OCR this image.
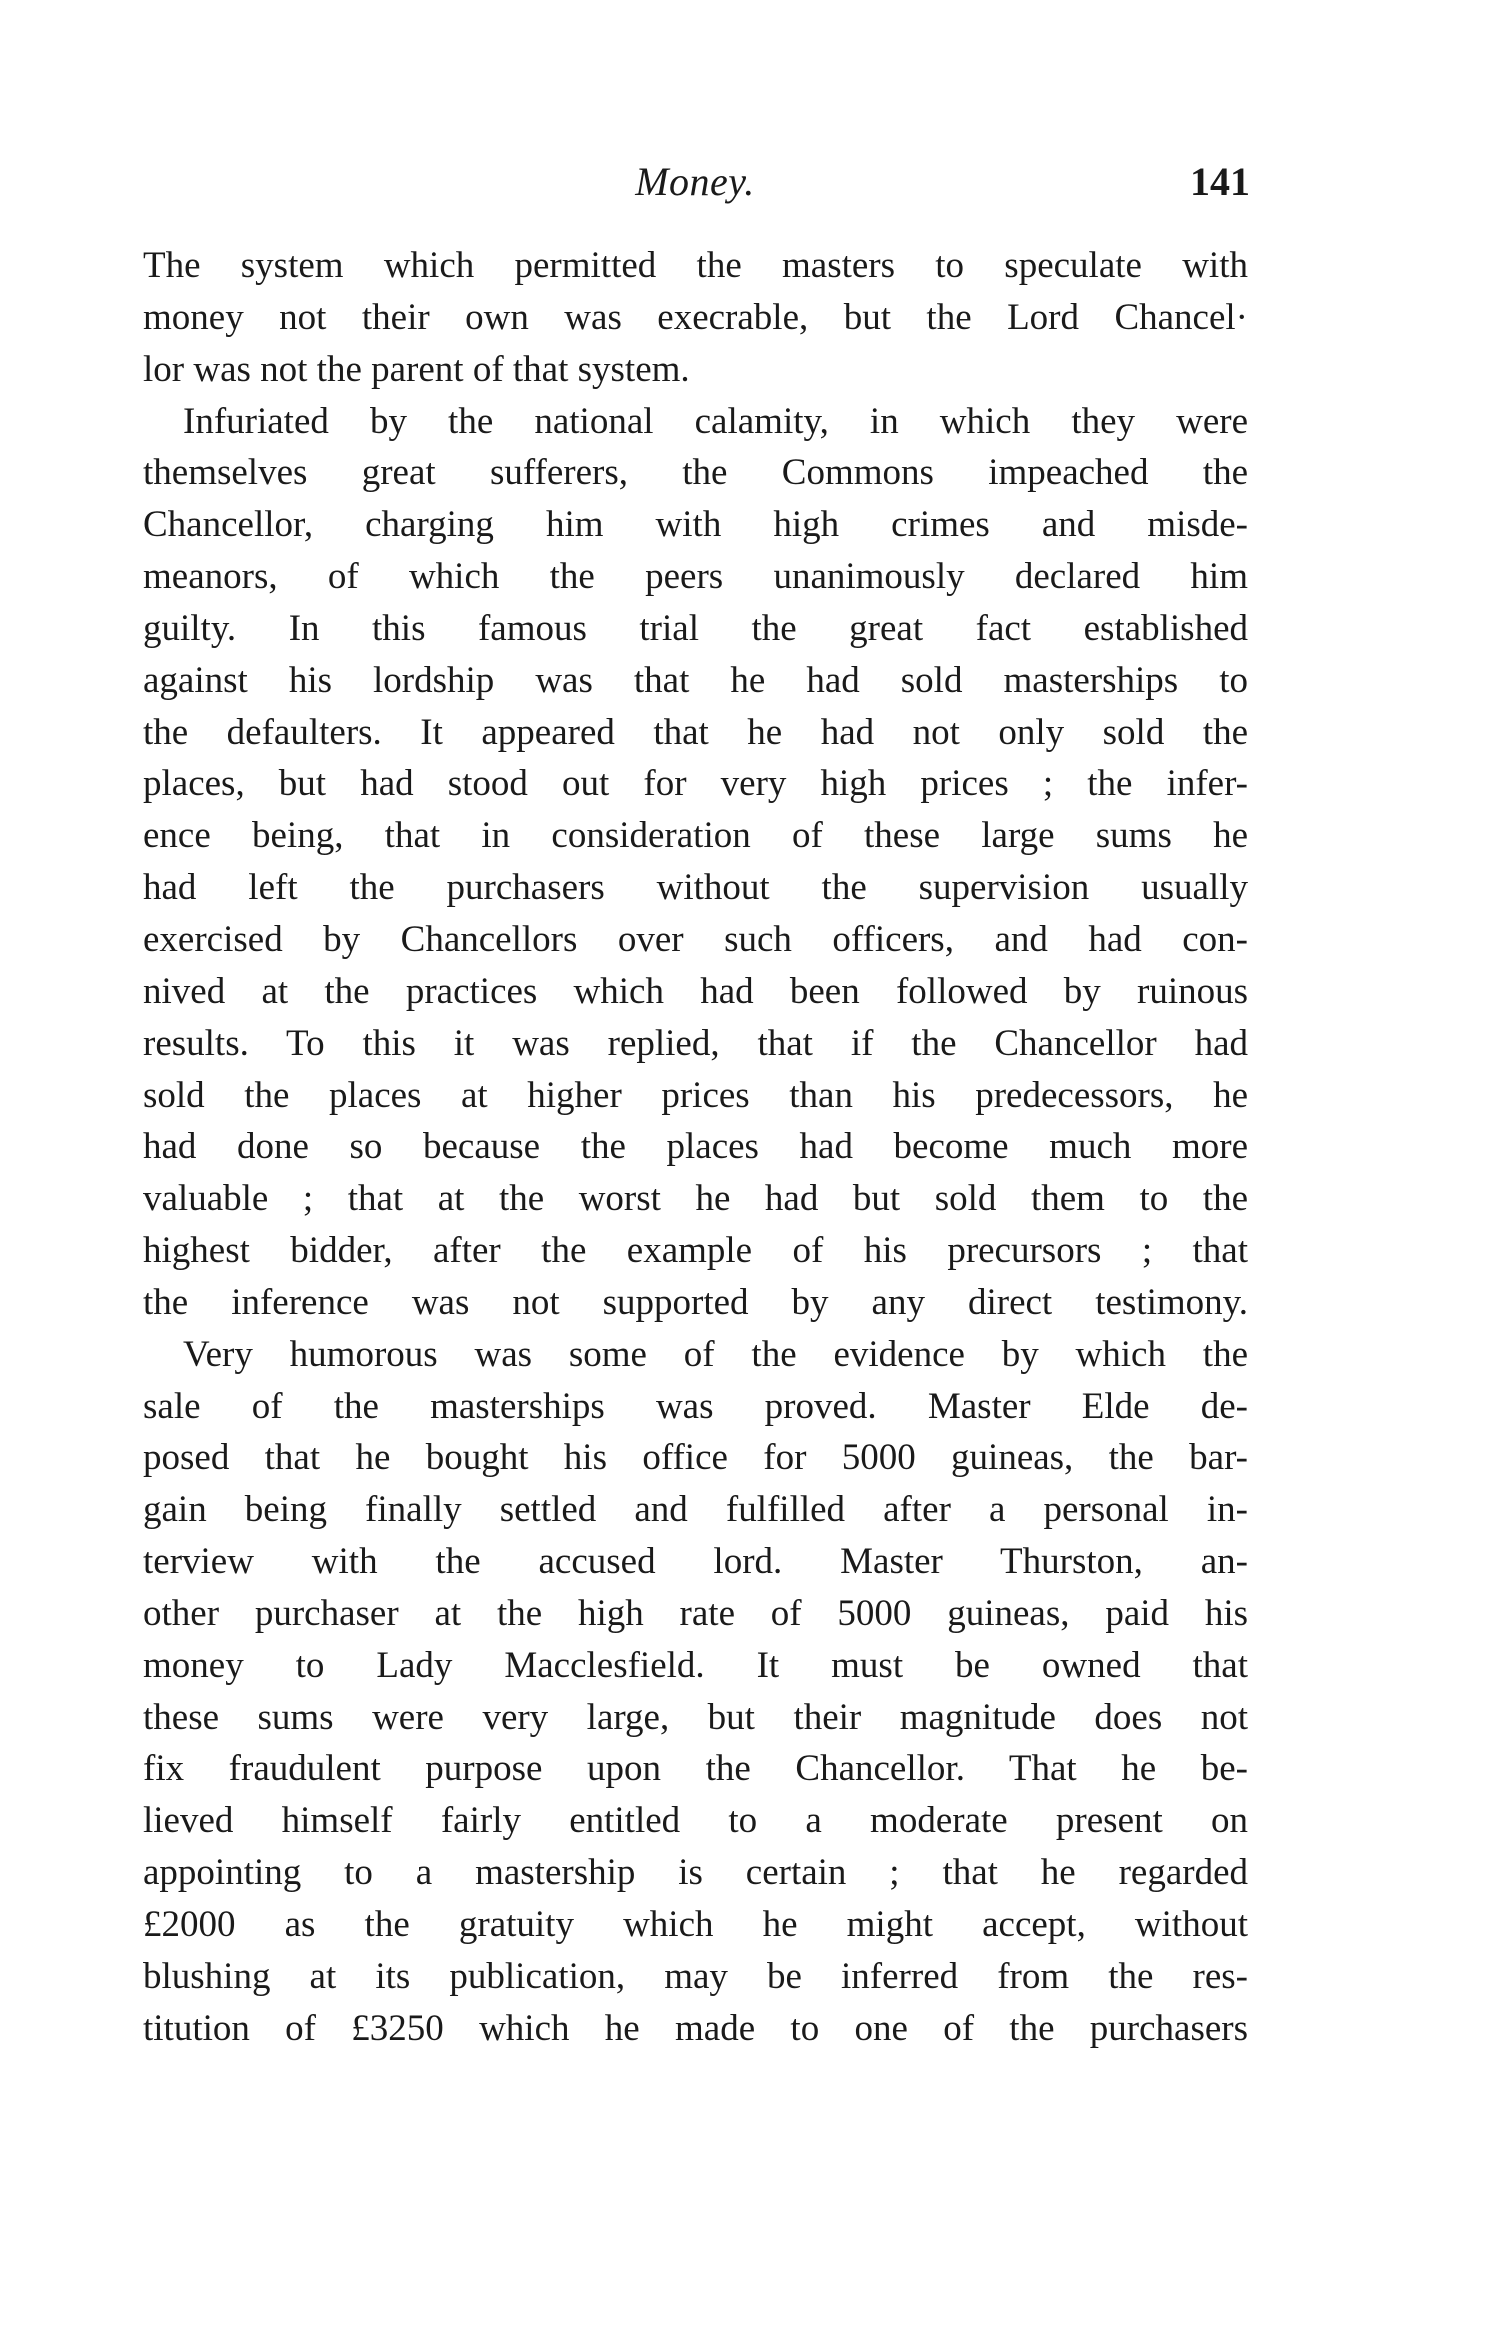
Money.	141
The system which permitted the masters to speculate with
money not their own was execrable, but the Lord Chancel·
lor was not the parent of that system.
Infuriated by the national calamity, in which they were
themselves great sufferers, the Commons impeached the
Chancellor, charging him with high crimes and misde-
meanors, of which the peers unanimously declared him
guilty. In this famous trial the great fact established
against his lordship was that he had sold masterships to
the defaulters. It appeared that he had not only sold the
places, but had stood out for very high prices ; the infer-
ence being, that in consideration of these large sums he
had left the purchasers without the supervision usually
exercised by Chancellors over such officers, and had con-
nived at the practices which had been followed by ruinous
results. To this it was replied, that if the Chancellor had
sold the places at higher prices than his predecessors, he
had done so because the places had become much more
valuable ; that at the worst he had but sold them to the
highest bidder, after the example of his precursors ; that
the inference was not supported by any direct testimony.
Very humorous was some of the evidence by which the
sale of the masterships was proved. Master Elde de-
posed that he bought his office for 5000 guineas, the bar-
gain being finally settled and fulfilled after a personal in-
terview with the accused lord. Master Thurston, an-
other purchaser at the high rate of 5000 guineas, paid his
money to Lady Macclesfield. It must be owned that
these sums were very large, but their magnitude does not
fix fraudulent purpose upon the Chancellor. That he be-
lieved himself fairly entitled to a moderate present on
appointing to a mastership is certain ; that he regarded
£2000 as the gratuity which he might accept, without
blushing at its publication, may be inferred from the res-
titution of £3250 which he made to one of the purchasers
